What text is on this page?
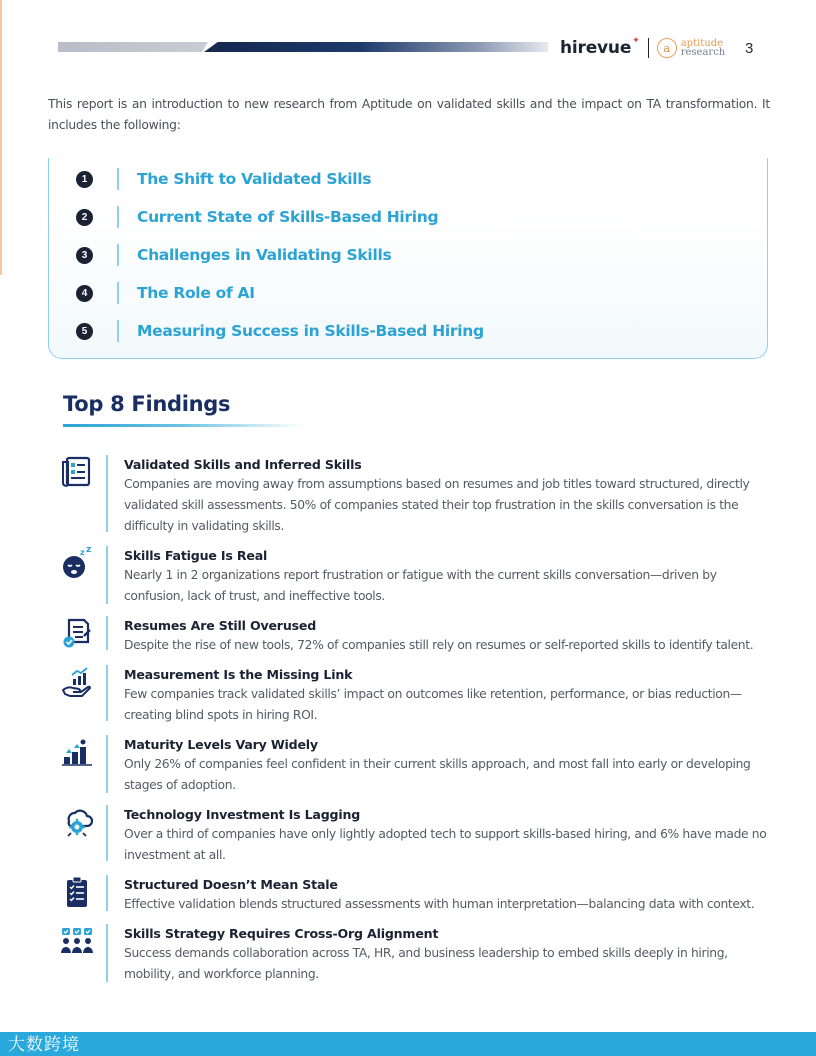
hirevue ✦
a	aptitude
research 3

This report is an introduction to new research from Aptitude on validated skills and the impact on TA transformation. It includes the following:

1	The Shift to Validated Skills
2	Current State of Skills-Based Hiring
3	Challenges in Validating Skills
4	The Role of AI
5	Measuring Success in Skills-Based Hiring
Top 8 Findings
Validated Skills and Inferred Skills
Companies are moving away from assumptions based on resumes and job titles toward structured, directly validated skill assessments. 50% of companies stated their top frustration in the skills conversation is the difficulty in validating skills.
z z	Skills Fatigue Is Real
Nearly 1 in 2 organizations report frustration or fatigue with the current skills conversation—driven by confusion, lack of trust, and ineffective tools.
Resumes Are Still Overused
Despite the rise of new tools, 72% of companies still rely on resumes or self-reported skills to identify talent.
Measurement Is the Missing Link
Few companies track validated skills’ impact on outcomes like retention, performance, or bias reduction—creating blind spots in hiring ROI.
Maturity Levels Vary Widely
Only 26% of companies feel confident in their current skills approach, and most fall into early or developing stages of adoption.
Technology Investment Is Lagging
Over a third of companies have only lightly adopted tech to support skills-based hiring, and 6% have made no investment at all.
Structured Doesn’t Mean Stale
Effective validation blends structured assessments with human interpretation—balancing data with context.
Skills Strategy Requires Cross-Org Alignment
Success demands collaboration across TA, HR, and business leadership to embed skills deeply in hiring, mobility, and workforce planning.
大数跨境
